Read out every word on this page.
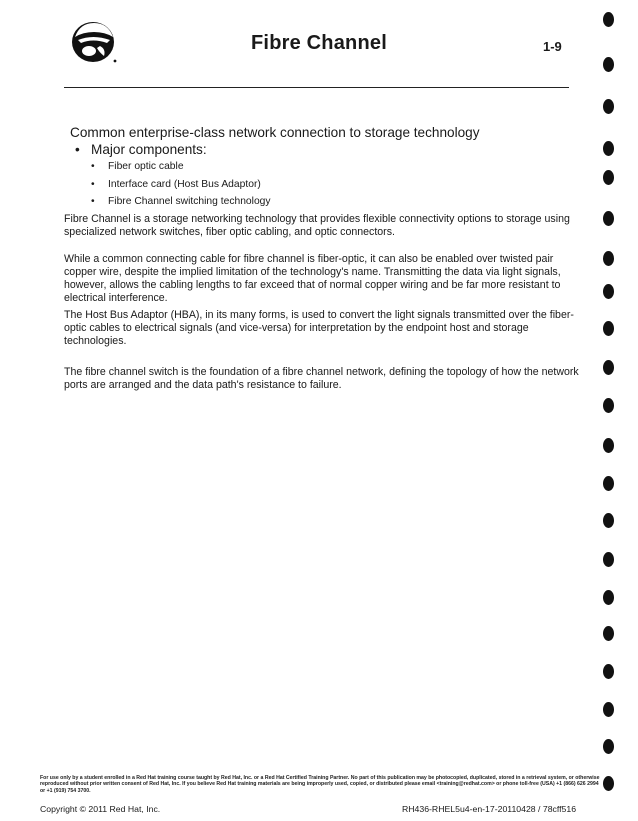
Fibre Channel	1-9
Common enterprise-class network connection to storage technology
• Major components:
• Fiber optic cable
• Interface card (Host Bus Adaptor)
• Fibre Channel switching technology

Fibre Channel is a storage networking technology that provides flexible connectivity options to storage using specialized network switches, fiber optic cabling, and optic connectors.

While a common connecting cable for fibre channel is fiber-optic, it can also be enabled over twisted pair copper wire, despite the implied limitation of the technology's name. Transmitting the data via light signals, however, allows the cabling lengths to far exceed that of normal copper wiring and be far more resistant to electrical interference.

The Host Bus Adaptor (HBA), in its many forms, is used to convert the light signals transmitted over the fiber-optic cables to electrical signals (and vice-versa) for interpretation by the endpoint host and storage technologies.

The fibre channel switch is the foundation of a fibre channel network, defining the topology of how the network ports are arranged and the data path's resistance to failure.

For use only by a student enrolled in a Red Hat training course taught by Red Hat, Inc. or a Red Hat Certified Training Partner. No part of this publication may be photocopied, duplicated, stored in a retrieval system, or otherwise reproduced without prior written consent of Red Hat, Inc. If you believe Red Hat training materials are being improperly used, copied, or distributed please email <training@redhat.com> or phone toll-free (USA) +1 (866) 626 2994 or +1 (919) 754 3700.
Copyright © 2011 Red Hat, Inc.	RH436-RHEL5u4-en-17-20110428 / 78cff516
